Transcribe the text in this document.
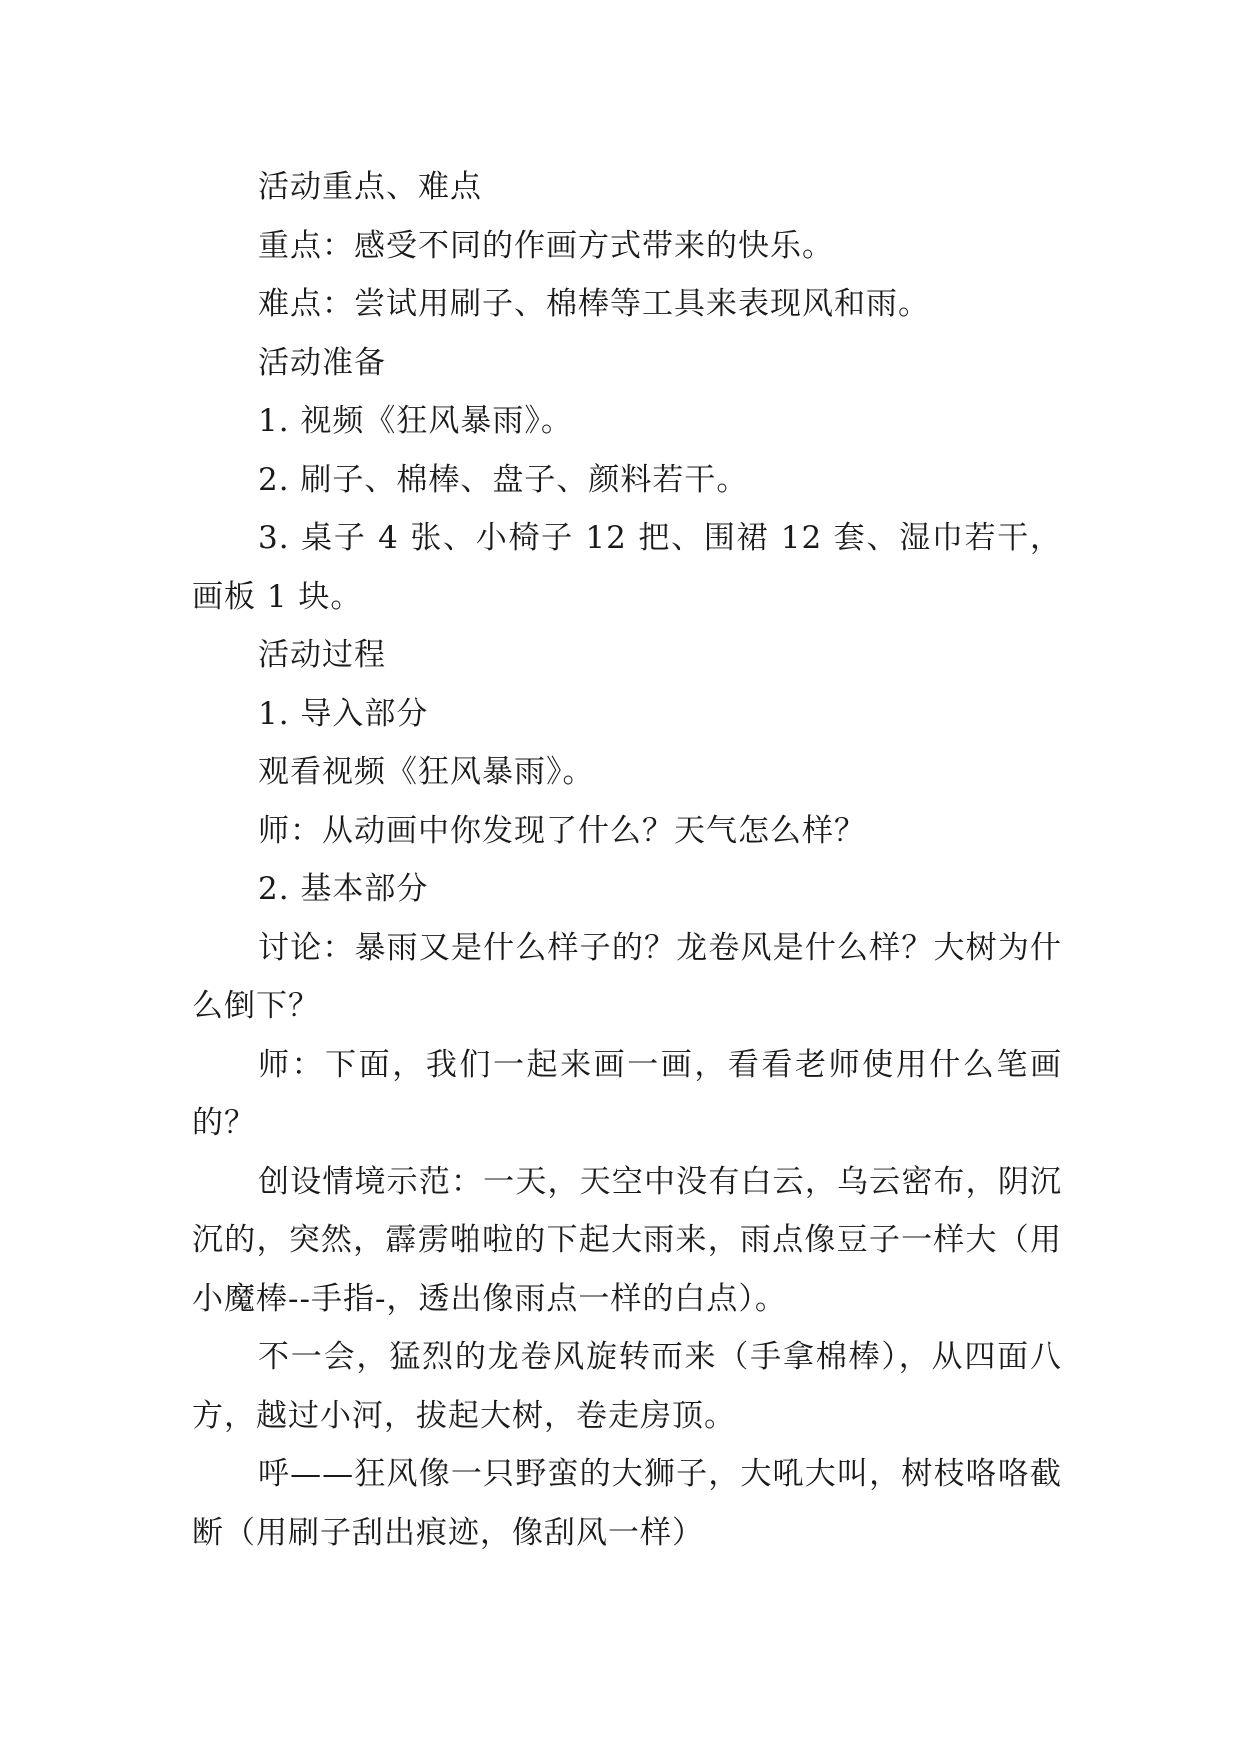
活动重点、难点

重点：感受不同的作画方式带来的快乐。

难点：尝试用刷子、棉棒等工具来表现风和雨。

活动准备

1. 视频《狂风暴雨》。

2. 刷子、棉棒、盘子、颜料若干。

3. 桌子 4 张、小椅子 12 把、围裙 12 套、湿巾若干，画板 1 块。

活动过程

1. 导入部分

观看视频《狂风暴雨》。

师：从动画中你发现了什么？天气怎么样？

2. 基本部分

讨论：暴雨又是什么样子的？龙卷风是什么样？大树为什么倒下？

师：下面，我们一起来画一画，看看老师使用什么笔画的？

创设情境示范：一天，天空中没有白云，乌云密布，阴沉沉的，突然，霹雳啪啦的下起大雨来，雨点像豆子一样大（用小魔棒--手指-，透出像雨点一样的白点）。

不一会，猛烈的龙卷风旋转而来（手拿棉棒），从四面八方，越过小河，拔起大树，卷走房顶。

呼——狂风像一只野蛮的大狮子，大吼大叫，树枝咯咯截断（用刷子刮出痕迹，像刮风一样）
